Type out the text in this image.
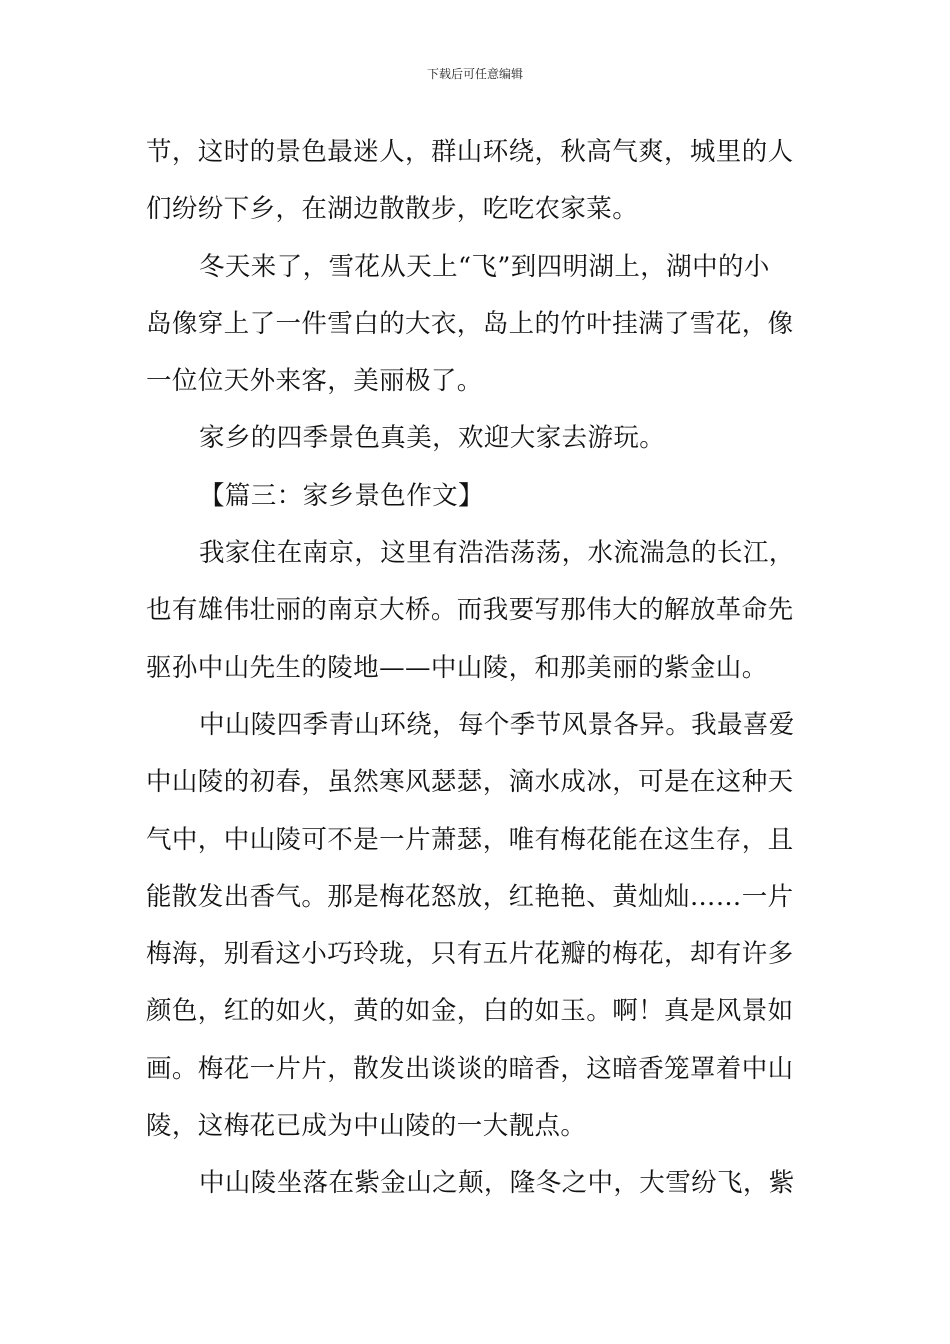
下载后可任意编辑
节，这时的景色最迷人，群山环绕，秋高气爽，城里的人
们纷纷下乡，在湖边散散步，吃吃农家菜。
冬天来了，雪花从天上“飞”到四明湖上，湖中的小
岛像穿上了一件雪白的大衣，岛上的竹叶挂满了雪花，像
一位位天外来客，美丽极了。
家乡的四季景色真美，欢迎大家去游玩。
【篇三：家乡景色作文】
我家住在南京，这里有浩浩荡荡，水流湍急的长江，
也有雄伟壮丽的南京大桥。而我要写那伟大的解放革命先
驱孙中山先生的陵地——中山陵，和那美丽的紫金山。
中山陵四季青山环绕，每个季节风景各异。我最喜爱
中山陵的初春，虽然寒风瑟瑟，滴水成冰，可是在这种天
气中，中山陵可不是一片萧瑟，唯有梅花能在这生存，且
能散发出香气。那是梅花怒放，红艳艳、黄灿灿……一片
梅海，别看这小巧玲珑，只有五片花瓣的梅花，却有许多
颜色，红的如火，黄的如金，白的如玉。啊！真是风景如
画。梅花一片片，散发出谈谈的暗香，这暗香笼罩着中山
陵，这梅花已成为中山陵的一大靓点。
中山陵坐落在紫金山之颠，隆冬之中，大雪纷飞，紫
